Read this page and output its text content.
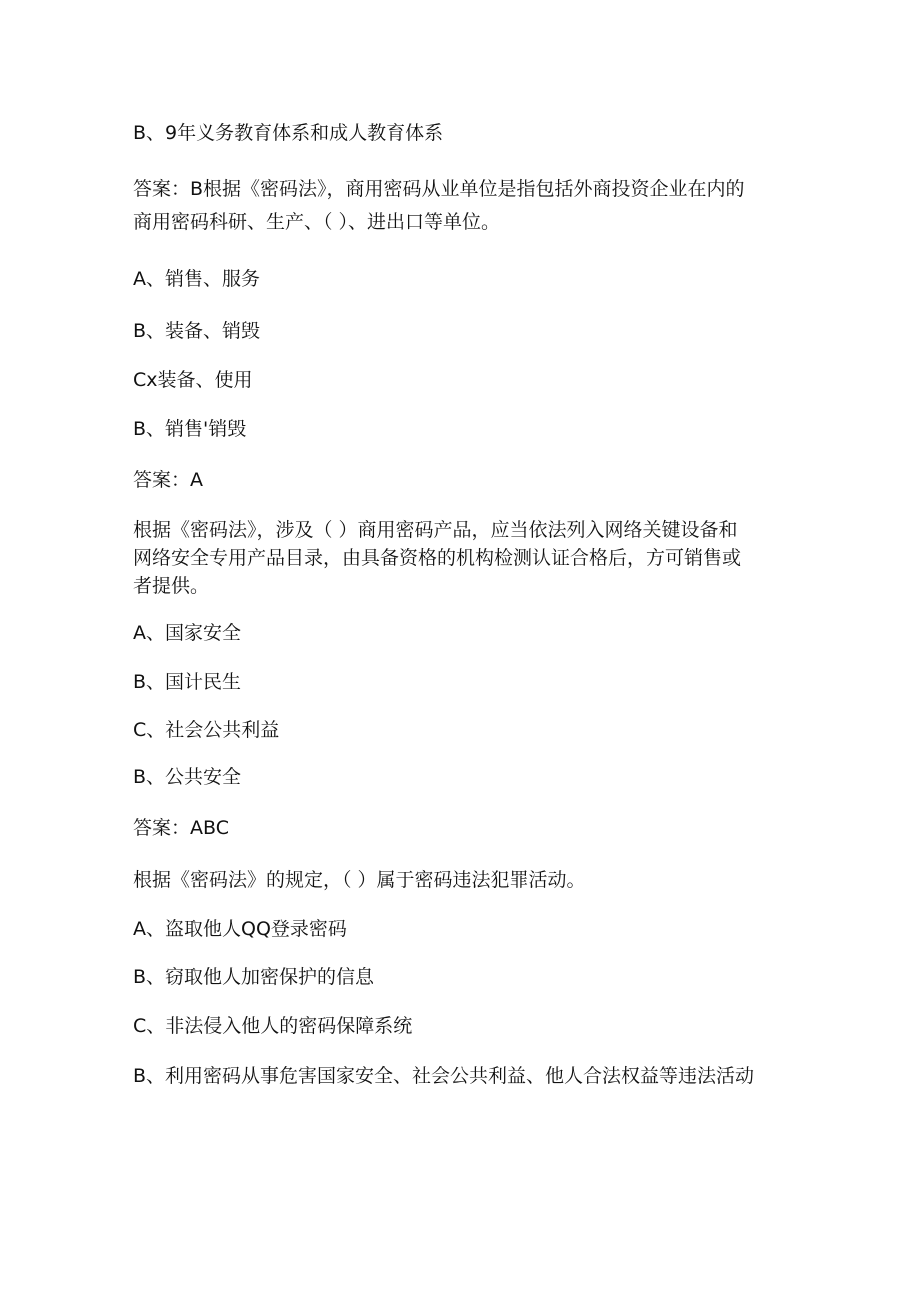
B、9年义务教育体系和成人教育体系
答案：B根据《密码法》，商用密码从业单位是指包括外商投资企业在内的
商用密码科研、生产、（ ）、进出口等单位。
A、销售、服务
B、装备、销毁
Cx装备、使用
B、销售'销毁
答案：A
根据《密码法》，涉及（ ）商用密码产品，应当依法列入网络关键设备和
网络安全专用产品目录，由具备资格的机构检测认证合格后，方可销售或
者提供。
A、国家安全
B、国计民生
C、社会公共利益
B、公共安全
答案：ABC
根据《密码法》的规定，（ ）属于密码违法犯罪活动。
A、盗取他人QQ登录密码
B、窃取他人加密保护的信息
C、非法侵入他人的密码保障系统
B、利用密码从事危害国家安全、社会公共利益、他人合法权益等违法活动
